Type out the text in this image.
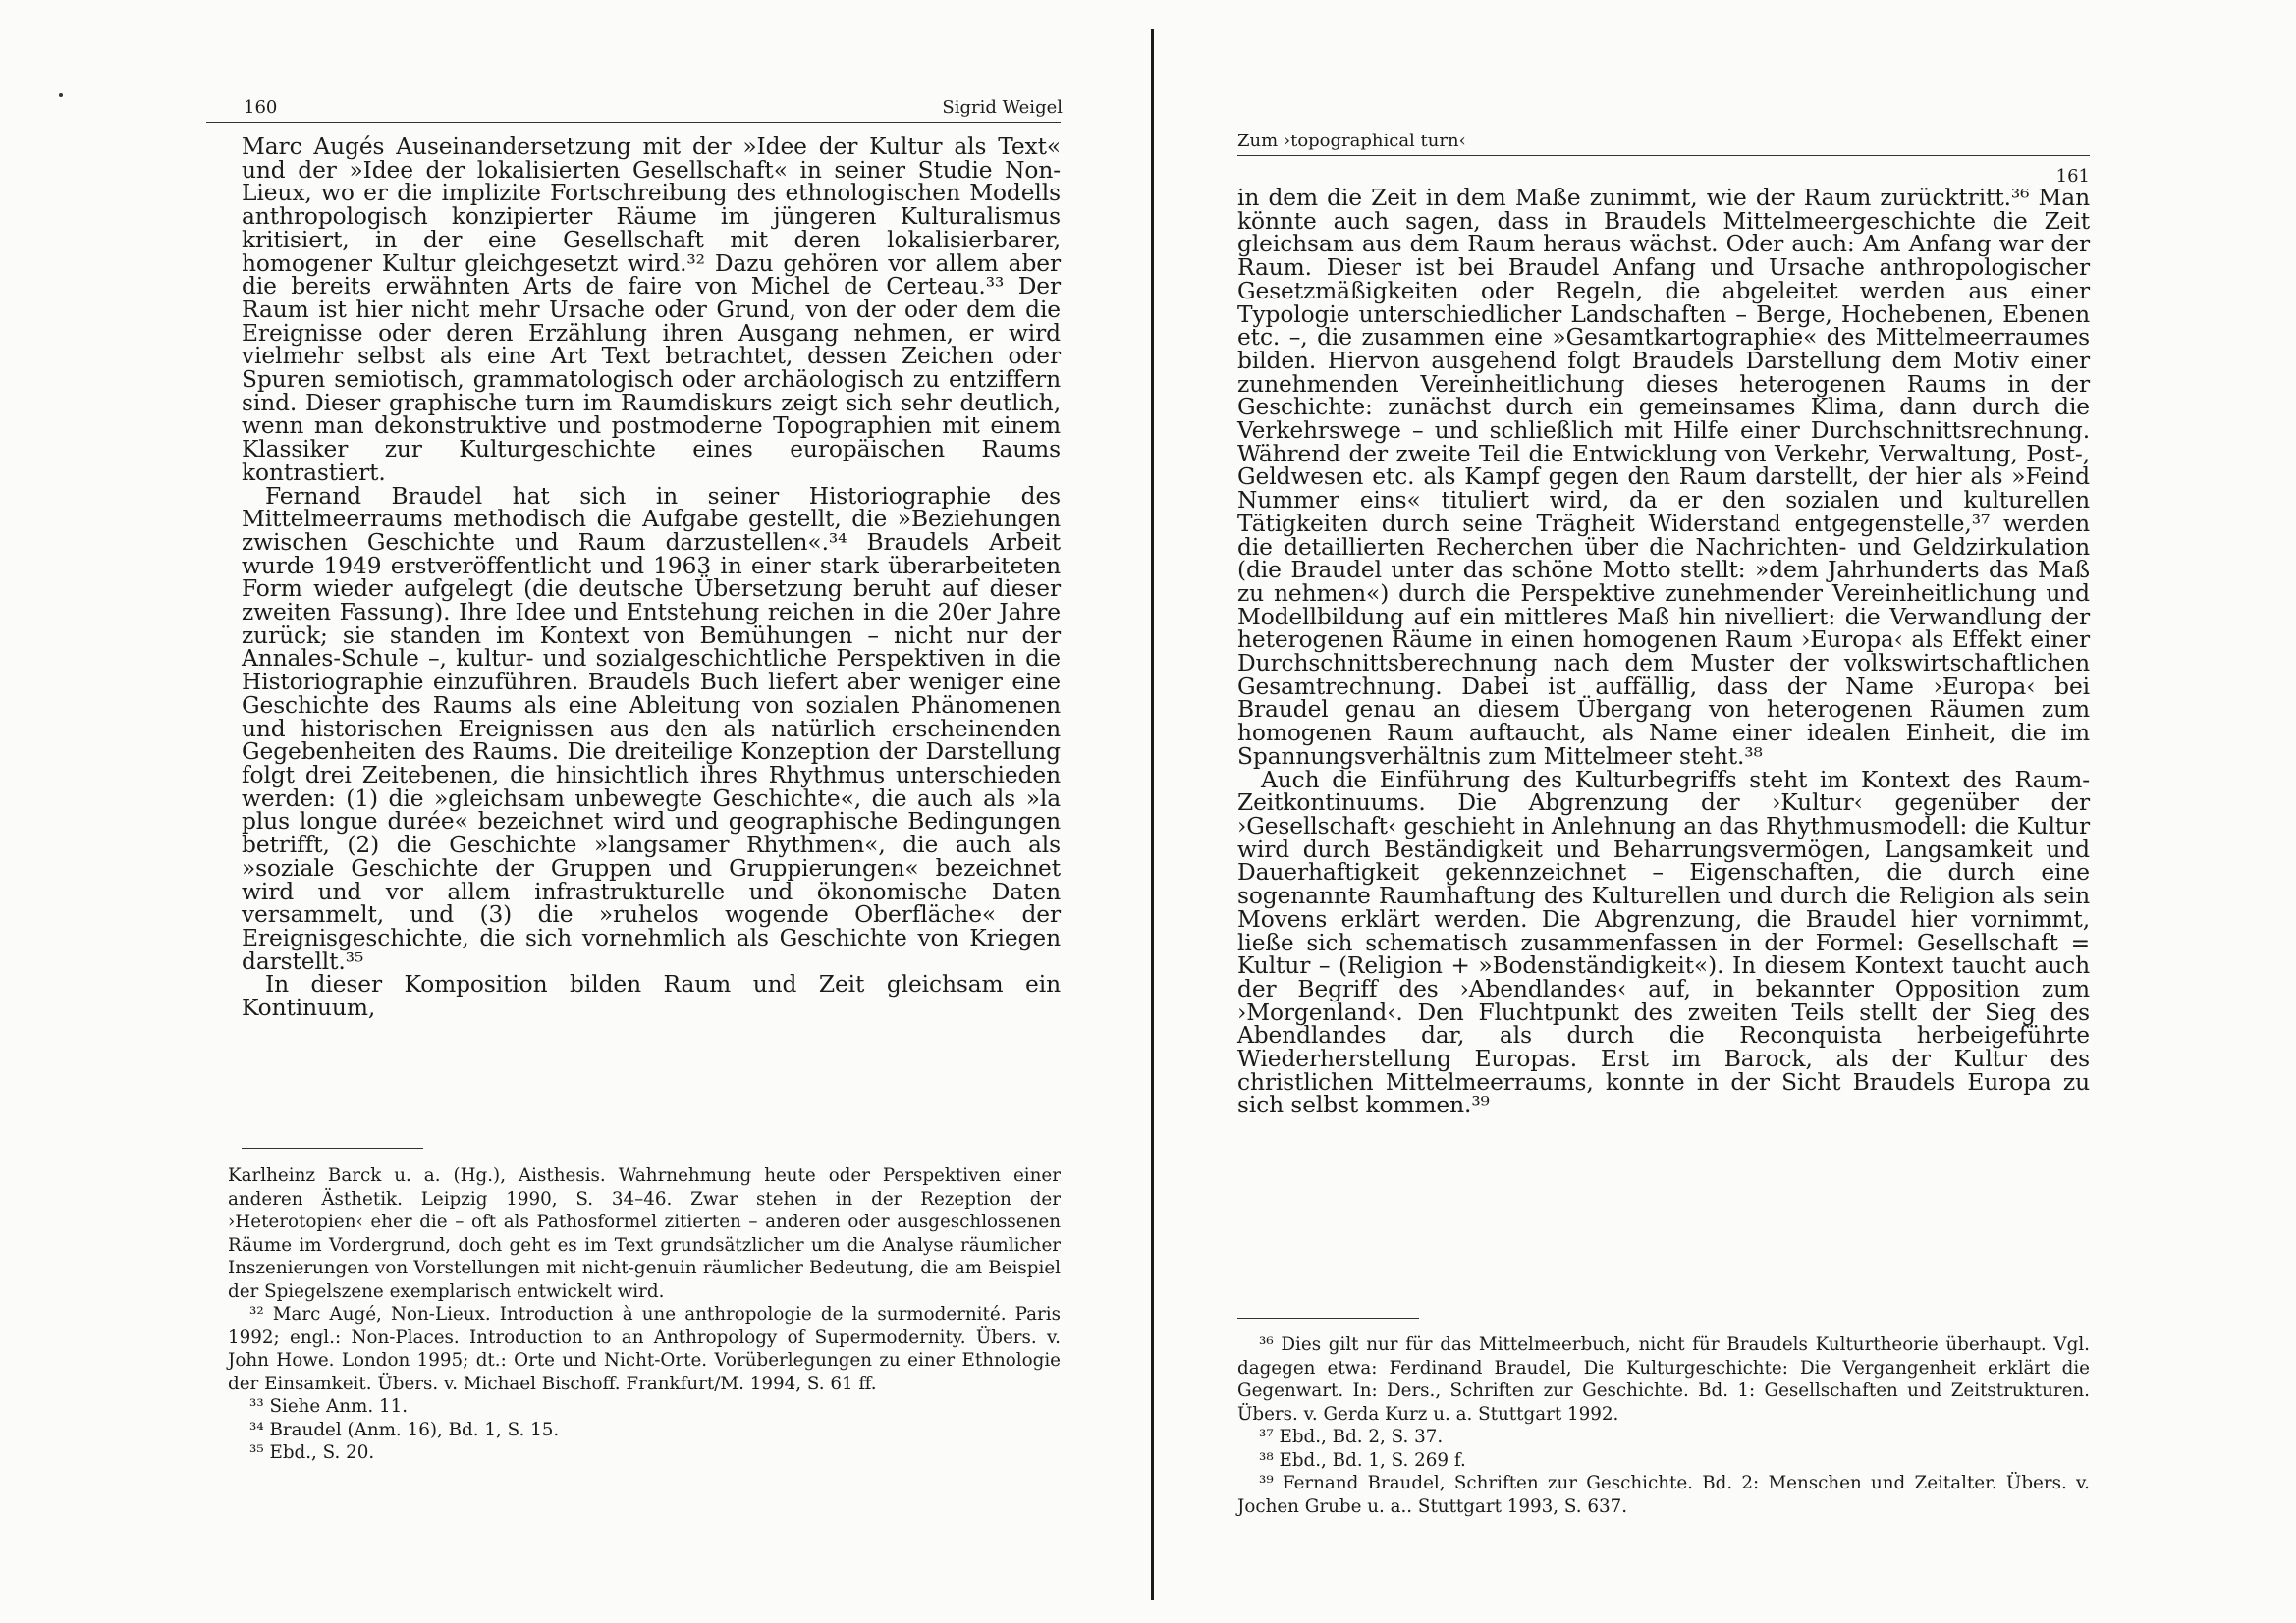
160	Sigrid Weigel

Marc Augés Auseinandersetzung mit der »Idee der Kultur als Text« und der »Idee der lokalisierten Gesellschaft« in seiner Studie Non-Lieux, wo er die implizite Fortschreibung des ethnologischen Modells anthropologisch konzipierter Räume im jüngeren Kulturalismus kritisiert, in der eine Gesellschaft mit deren lokalisierbarer, homogener Kultur gleichgesetzt wird.³² Dazu gehören vor allem aber die bereits erwähnten Arts de faire von Michel de Certeau.³³ Der Raum ist hier nicht mehr Ursache oder Grund, von der oder dem die Ereignisse oder deren Erzählung ihren Ausgang nehmen, er wird vielmehr selbst als eine Art Text betrachtet, dessen Zeichen oder Spuren semiotisch, grammatologisch oder archäologisch zu entziffern sind. Dieser graphische turn im Raumdiskurs zeigt sich sehr deutlich, wenn man dekonstruktive und postmoderne Topographien mit einem Klassiker zur Kulturgeschichte eines europäischen Raums kontrastiert.

Fernand Braudel hat sich in seiner Historiographie des Mittelmeerraums methodisch die Aufgabe gestellt, die »Beziehungen zwischen Geschichte und Raum darzustellen«.³⁴ Braudels Arbeit wurde 1949 erstveröffentlicht und 1963 in einer stark überarbeiteten Form wieder aufgelegt (die deutsche Übersetzung beruht auf dieser zweiten Fassung). Ihre Idee und Entstehung reichen in die 20er Jahre zurück; sie standen im Kontext von Bemühungen – nicht nur der Annales-Schule –, kultur- und sozialgeschichtliche Perspektiven in die Historiographie einzuführen. Braudels Buch liefert aber weniger eine Geschichte des Raums als eine Ableitung von sozialen Phänomenen und historischen Ereignissen aus den als natürlich erscheinenden Gegebenheiten des Raums. Die dreiteilige Konzeption der Darstellung folgt drei Zeitebenen, die hinsichtlich ihres Rhythmus unterschieden werden: (1) die »gleichsam unbewegte Geschichte«, die auch als »la plus longue durée« bezeichnet wird und geographische Bedingungen betrifft, (2) die Geschichte »langsamer Rhythmen«, die auch als »soziale Geschichte der Gruppen und Gruppierungen« bezeichnet wird und vor allem infrastrukturelle und ökonomische Daten versammelt, und (3) die »ruhelos wogende Oberfläche« der Ereignisgeschichte, die sich vornehmlich als Geschichte von Kriegen darstellt.³⁵

In dieser Komposition bilden Raum und Zeit gleichsam ein Kontinuum,

Karlheinz Barck u. a. (Hg.), Aisthesis. Wahrnehmung heute oder Perspektiven einer anderen Ästhetik. Leipzig 1990, S. 34–46. Zwar stehen in der Rezeption der ›Heterotopien‹ eher die – oft als Pathosformel zitierten – anderen oder ausgeschlossenen Räume im Vordergrund, doch geht es im Text grundsätzlicher um die Analyse räumlicher Inszenierungen von Vorstellungen mit nicht-genuin räumlicher Bedeutung, die am Beispiel der Spiegelszene exemplarisch entwickelt wird.

³² Marc Augé, Non-Lieux. Introduction à une anthropologie de la surmodernité. Paris 1992; engl.: Non-Places. Introduction to an Anthropology of Supermodernity. Übers. v. John Howe. London 1995; dt.: Orte und Nicht-Orte. Vorüberlegungen zu einer Ethnologie der Einsamkeit. Übers. v. Michael Bischoff. Frankfurt/M. 1994, S. 61 ff.

³³ Siehe Anm. 11.

³⁴ Braudel (Anm. 16), Bd. 1, S. 15.

³⁵ Ebd., S. 20.

Zum ›topographical turn‹
161

in dem die Zeit in dem Maße zunimmt, wie der Raum zurücktritt.³⁶ Man könnte auch sagen, dass in Braudels Mittelmeergeschichte die Zeit gleichsam aus dem Raum heraus wächst. Oder auch: Am Anfang war der Raum. Dieser ist bei Braudel Anfang und Ursache anthropologischer Gesetzmäßigkeiten oder Regeln, die abgeleitet werden aus einer Typologie unterschiedlicher Landschaften – Berge, Hochebenen, Ebenen etc. –, die zusammen eine »Gesamtkartographie« des Mittelmeerraumes bilden. Hiervon ausgehend folgt Braudels Darstellung dem Motiv einer zunehmenden Vereinheitlichung dieses heterogenen Raums in der Geschichte: zunächst durch ein gemeinsames Klima, dann durch die Verkehrswege – und schließlich mit Hilfe einer Durchschnittsrechnung. Während der zweite Teil die Entwicklung von Verkehr, Verwaltung, Post-, Geldwesen etc. als Kampf gegen den Raum darstellt, der hier als »Feind Nummer eins« tituliert wird, da er den sozialen und kulturellen Tätigkeiten durch seine Trägheit Widerstand entgegenstelle,³⁷ werden die detaillierten Recherchen über die Nachrichten- und Geldzirkulation (die Braudel unter das schöne Motto stellt: »dem Jahrhunderts das Maß zu nehmen«) durch die Perspektive zunehmender Vereinheitlichung und Modellbildung auf ein mittleres Maß hin nivelliert: die Verwandlung der heterogenen Räume in einen homogenen Raum ›Europa‹ als Effekt einer Durchschnittsberechnung nach dem Muster der volkswirtschaftlichen Gesamtrechnung. Dabei ist auffällig, dass der Name ›Europa‹ bei Braudel genau an diesem Übergang von heterogenen Räumen zum homogenen Raum auftaucht, als Name einer idealen Einheit, die im Spannungsverhältnis zum Mittelmeer steht.³⁸

Auch die Einführung des Kulturbegriffs steht im Kontext des Raum-Zeitkontinuums. Die Abgrenzung der ›Kultur‹ gegenüber der ›Gesellschaft‹ geschieht in Anlehnung an das Rhythmusmodell: die Kultur wird durch Beständigkeit und Beharrungsvermögen, Langsamkeit und Dauerhaftigkeit gekennzeichnet – Eigenschaften, die durch eine sogenannte Raumhaftung des Kulturellen und durch die Religion als sein Movens erklärt werden. Die Abgrenzung, die Braudel hier vornimmt, ließe sich schematisch zusammenfassen in der Formel: Gesellschaft = Kultur – (Religion + »Bodenständigkeit«). In diesem Kontext taucht auch der Begriff des ›Abendlandes‹ auf, in bekannter Opposition zum ›Morgenland‹. Den Fluchtpunkt des zweiten Teils stellt der Sieg des Abendlandes dar, als durch die Reconquista herbeigeführte Wiederherstellung Europas. Erst im Barock, als der Kultur des christlichen Mittelmeerraums, konnte in der Sicht Braudels Europa zu sich selbst kommen.³⁹

³⁶ Dies gilt nur für das Mittelmeerbuch, nicht für Braudels Kulturtheorie überhaupt. Vgl. dagegen etwa: Ferdinand Braudel, Die Kulturgeschichte: Die Vergangenheit erklärt die Gegenwart. In: Ders., Schriften zur Geschichte. Bd. 1: Gesellschaften und Zeitstrukturen. Übers. v. Gerda Kurz u. a. Stuttgart 1992.

³⁷ Ebd., Bd. 2, S. 37.

³⁸ Ebd., Bd. 1, S. 269 f.

³⁹ Fernand Braudel, Schriften zur Geschichte. Bd. 2: Menschen und Zeitalter. Übers. v. Jochen Grube u. a.. Stuttgart 1993, S. 637.
